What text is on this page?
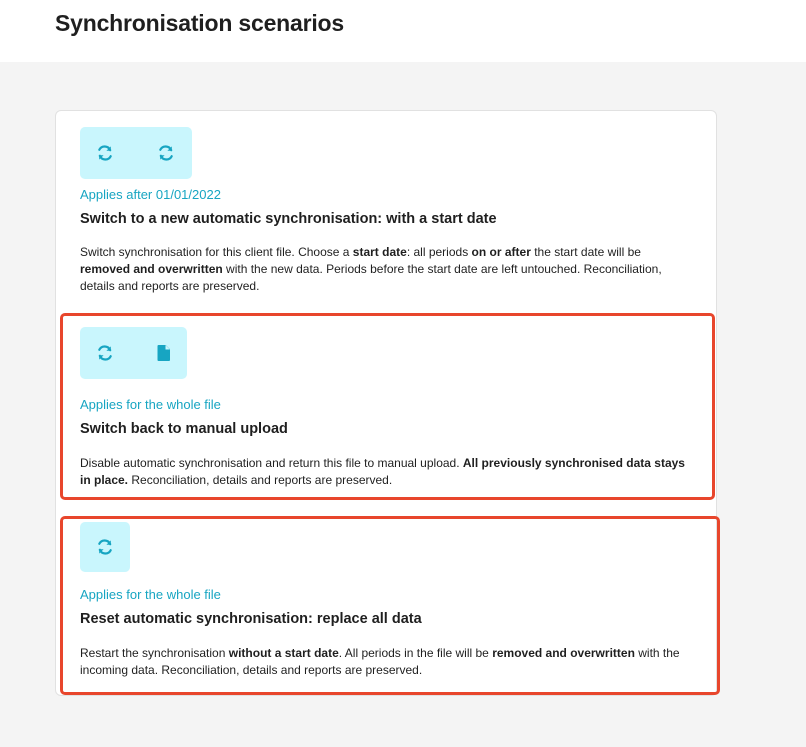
Synchronisation scenarios
Applies after 01/01/2022
Switch to a new automatic synchronisation: with a start date

Switch synchronisation for this client file. Choose a start date: all periods on or after the start date will be removed and overwritten with the new data. Periods before the start date are left untouched. Reconciliation, details and reports are preserved.

Applies for the whole file
Switch back to manual upload

Disable automatic synchronisation and return this file to manual upload. All previously synchronised data stays in place. Reconciliation, details and reports are preserved.

Applies for the whole file
Reset automatic synchronisation: replace all data

Restart the synchronisation without a start date. All periods in the file will be removed and overwritten with the incoming data. Reconciliation, details and reports are preserved.
